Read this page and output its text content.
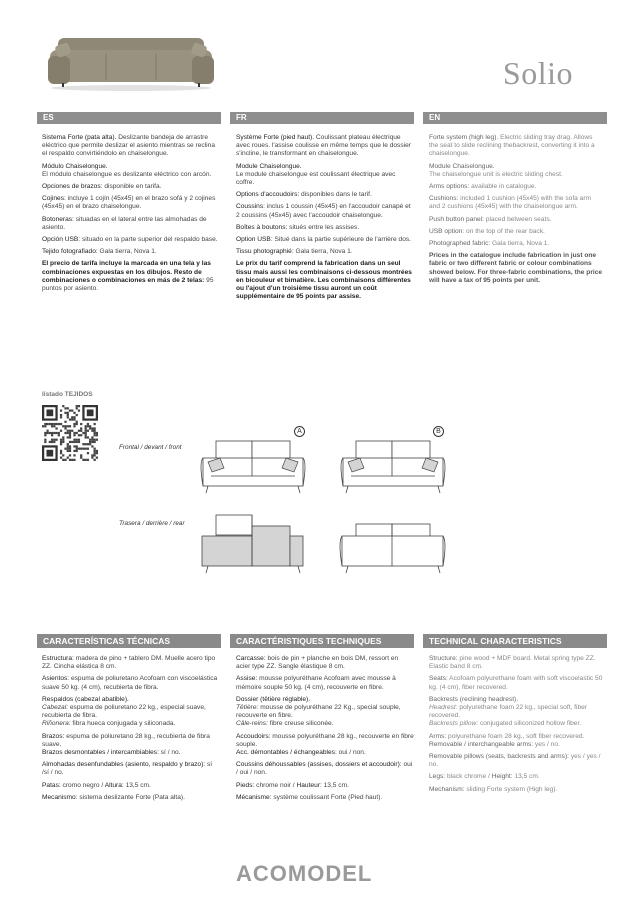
Solio
ES	FR	EN

Sistema Forte (pata alta). Deslizante bandeja de arrastre eléctrico que permite deslizar el asiento mientras se reclina el respaldo convirtiéndolo en chaiselongue.

Módulo Chaiselongue.
El módulo chaiselongue es deslizante eléctrico con arcón.

Opciones de brazos: disponible en tarifa.

Cojines: incluye 1 cojín (45x45) en el brazo sofá y 2 cojines (45x45) en el brazo chaiselongue.

Botoneras: situadas en el lateral entre las almohadas de asiento.

Opción USB: situado en la parte superior del respaldo base.

Tejido fotografiado: Gala tierra, Nova 1.

El precio de tarifa incluye la marcada en una tela y las combinaciones expuestas en los dibujos. Resto de combinaciones o combinaciones en más de 2 telas: 95 puntos por asiento.

Système Forte (pied haut). Coulissant plateau électrique avec roues. l'assise coulisse en même temps que le dossier s'incline, le transformant en chaiselongue.

Module Chaiselongue.
Le module chaiselongue est coulissant électrique avec coffre.

Options d'accoudoirs: disponibles dans le tarif.

Coussins: inclus 1 coussin (45x45) en l'accoudoir canapé et 2 coussins (45x45) avec l'accoudoir chaiselongue.

Boîtes à boutons: situés entre les assises.

Option USB: Situé dans la partie supérieure de l'arrière dos.

Tissu photographié: Gala tierra, Nova 1.

Le prix du tarif comprend la fabrication dans un seul tissu mais aussi les combinaisons ci-dessous montrées en bicouleur et bimatière. Les combinaisons différentes ou l'ajout d'un troisième tissu auront un coût supplémentaire de 95 points par assise.

Forte system (high leg). Electric sliding tray drag. Allows the seat to slide reclining thebackrest, converting it into a chaiselongue.

Module Chaiselongue.
The chaiselongue unit is electric sliding chest.

Arms options: available in catalogue.

Cushions: included 1 cushion (45x45) with the sofa arm and 2 cushions (45x45) with the chaiselongue arm.

Push button panel: placed between seats.

USB option: on the top of the rear back.

Photographed fabric: Gala tierra, Nova 1.

Prices in the catalogue include fabrication in just one fabric or two different fabric or colour combinations showed below. For three-fabric combinations, the price will have a tax of 95 points per unit.

listado TEJIDOS
A	B
Frontal / devant / front
Trasera / derrière / rear
CARACTERÍSTICAS TÉCNICAS	CARACTÉRISTIQUES TECHNIQUES	TECHNICAL CHARACTERISTICS

Estructura: madera de pino + tablero DM. Muelle acero tipo ZZ. Cincha elástica 8 cm.

Asientos: espuma de poliuretano Acofoam con viscoelástica suave 50 kg. (4 cm), recubierta de fibra.

Respaldos (cabezal abatible).
Cabezal: espuma de poliuretano 22 kg., especial suave, recubierta de fibra.
Riñonera: fibra hueca conjugada y siliconada.

Brazos: espuma de poliuretano 28 kg., recubierta de fibra suave.
Brazos desmontables / intercambiables: sí / no.

Almohadas desenfundables (asiento, respaldo y brazo): sí /sí / no.

Patas: cromo negro / Altura: 13,5 cm.

Mecanismo: sistema deslizante Forte (Pata alta).

Carcasse: bois de pin + planche en bois DM, ressort en acier type ZZ. Sangle élastique 8 cm.

Assise: mousse polyuréthane Acofoam avec mousse à mémoire souple 50 kg. (4 cm), recouverte en fibre.

Dossier (têtière réglable).
Têtière: mousse de polyuréthane 22 Kg., special souple, recouverte en fibre.
Câle-reins: fibre creuse siliconée.

Accoudoirs: mousse polyuréthane 28 kg., recouverte en fibre souple.
Acc. démontables / échangeables: oui / non.

Coussins déhoussables (assises, dossiers et accoudoir): oui / oui / non.

Pieds: chrome noir / Hauteur: 13,5 cm.

Mécanisme: système coulissant Forte (Pied haut).

Structure: pine wood + MDF board. Metal spring type ZZ. Elastic band 8 cm.

Seats: Acofoam polyurethane foam with soft viscoelastic 50 kg. (4 cm), fiber recovered.

Backrests (reclining headrest).
Headrest: polyurethane foam 22 kg., special soft, fiber recovered.
Backrests pillow: conjugated siliconized hollow fiber.

Arms: polyurethane foam 28 kg., soft fiber recovered.
Removable / interchangeable arms: yes / no.

Removable pillows (seats, backrests and arms): yes / yes / no.

Legs: black chrome / Height: 13,5 cm.

Mechanism: sliding Forte system (High leg).

ACOMODEL
